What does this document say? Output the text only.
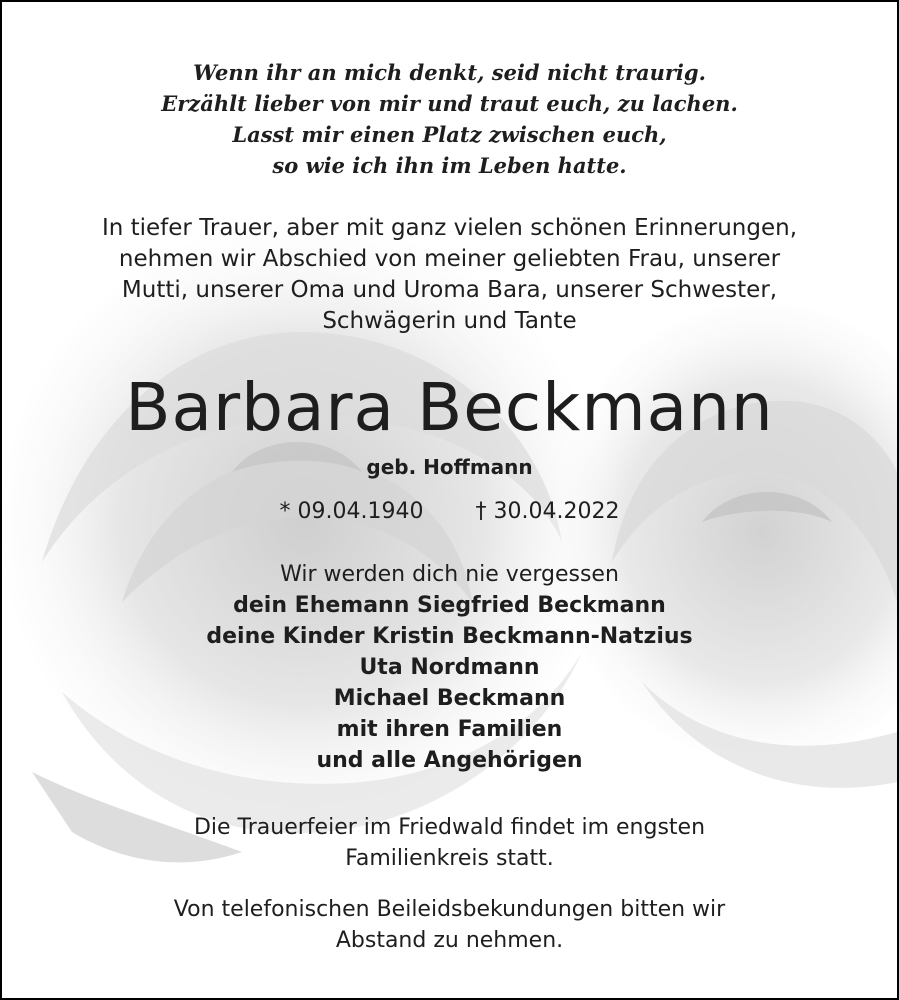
Wenn ihr an mich denkt, seid nicht traurig.
Erzählt lieber von mir und traut euch, zu lachen.
Lasst mir einen Platz zwischen euch,
so wie ich ihn im Leben hatte.
In tiefer Trauer, aber mit ganz vielen schönen Erinnerungen,
nehmen wir Abschied von meiner geliebten Frau, unserer
Mutti, unserer Oma und Uroma Bara, unserer Schwester,
Schwägerin und Tante
Barbara Beckmann
geb. Hoffmann
* 09.04.1940 † 30.04.2022
Wir werden dich nie vergessen
dein Ehemann Siegfried Beckmann
deine Kinder Kristin Beckmann-Natzius
Uta Nordmann
Michael Beckmann
mit ihren Familien
und alle Angehörigen
Die Trauerfeier im Friedwald findet im engsten
Familienkreis statt.
Von telefonischen Beileidsbekundungen bitten wir
Abstand zu nehmen.
